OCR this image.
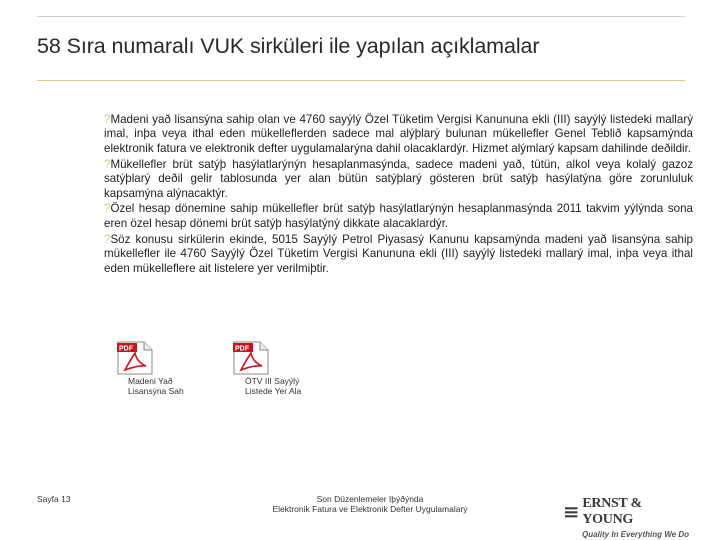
58 Sıra numaralı VUK sirküleri ile yapılan açıklamalar

?Madeni yað lisansýna sahip olan ve 4760 sayýlý Özel Tüketim Vergisi Kanununa ekli (III) sayýlý listedeki mallarý imal, inþa veya ithal eden mükelleflerden sadece mal alýþlarý bulunan mükellefler Genel Teblið kapsamýnda elektronik fatura ve elektronik defter uygulamalarýna dahil olacaklardýr. Hizmet alýmlarý kapsam dahilinde deðildir.

?Mükellefler brüt satýþ hasýlatlarýnýn hesaplanmasýnda, sadece madeni yað, tütün, alkol veya kolalý gazoz satýþlarý deðil gelir tablosunda yer alan bütün satýþlarý gösteren brüt satýþ hasýlatýna göre zorunluluk kapsamýna alýnacaktýr.

?Özel hesap dönemine sahip mükellefler brüt satýþ hasýlatlarýnýn hesaplanmasýnda 2011 takvim yýlýnda sona eren özel hesap dönemi brüt satýþ hasýlatýný dikkate alacaklardýr.

?Söz konusu sirkülerin ekinde, 5015 Sayýlý Petrol Piyasasý Kanunu kapsamýnda madeni yað lisansýna sahip mükellefler ile 4760 Sayýlý Özel Tüketim Vergisi Kanununa ekli (III) sayýlý listedeki mallarý imal, inþa veya ithal eden mükelleflere ait listelere yer verilmiþtir.

PDF
Madeni Yað
Lisansýna Sah
PDF
ÖTV III Sayýlý
Listede Yer Ala
Sayfa 13	Son Düzenlemeler Iþýðýnda
Elektronik Fatura ve Elektronik Defter Uygulamalarý	ERNST & YOUNG
Quality In Everything We Do
